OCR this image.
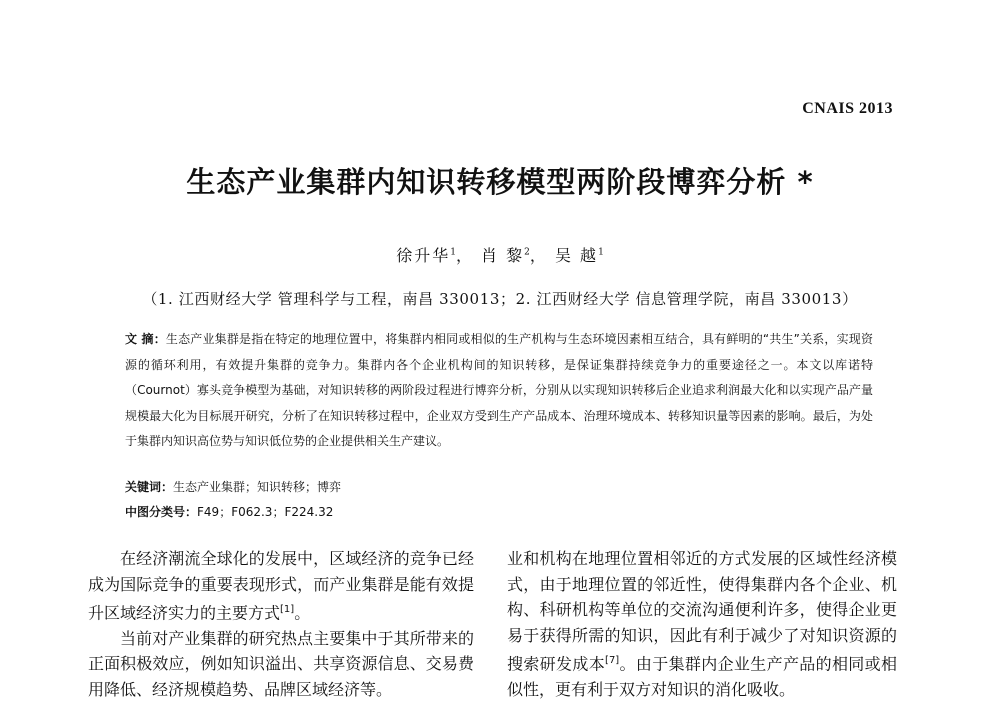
CNAIS 2013
生态产业集群内知识转移模型两阶段博弈分析 *
徐升华$^1$， 肖 黎$^2$， 吴 越$^1$
（1. 江西财经大学 管理科学与工程，南昌 330013；2. 江西财经大学 信息管理学院，南昌 330013）
文 摘：生态产业集群是指在特定的地理位置中，将集群内相同或相似的生产机构与生态环境因素相互结合，具有鲜明的“共生”关系，实现资源的循环利用，有效提升集群的竞争力。集群内各个企业机构间的知识转移，是保证集群持续竞争力的重要途径之一。本文以库诺特（Cournot）寡头竞争模型为基础，对知识转移的两阶段过程进行博弈分析，分别从以实现知识转移后企业追求利润最大化和以实现产品产量规模最大化为目标展开研究，分析了在知识转移过程中，企业双方受到生产产品成本、治理环境成本、转移知识量等因素的影响。最后，为处于集群内知识高位势与知识低位势的企业提供相关生产建议。
关键词：生态产业集群；知识转移；博弈
中图分类号：F49；F062.3；F224.32

在经济潮流全球化的发展中，区域经济的竞争已经成为国际竞争的重要表现形式，而产业集群是能有效提升区域经济实力的主要方式[1]。

当前对产业集群的研究热点主要集中于其所带来的正面积极效应，例如知识溢出、共享资源信息、交易费用降低、经济规模趋势、品牌区域经济等。

业和机构在地理位置相邻近的方式发展的区域性经济模式，由于地理位置的邻近性，使得集群内各个企业、机构、科研机构等单位的交流沟通便利许多，使得企业更易于获得所需的知识，因此有利于减少了对知识资源的搜索研发成本[7]。由于集群内企业生产产品的相同或相似性，更有利于双方对知识的消化吸收。
